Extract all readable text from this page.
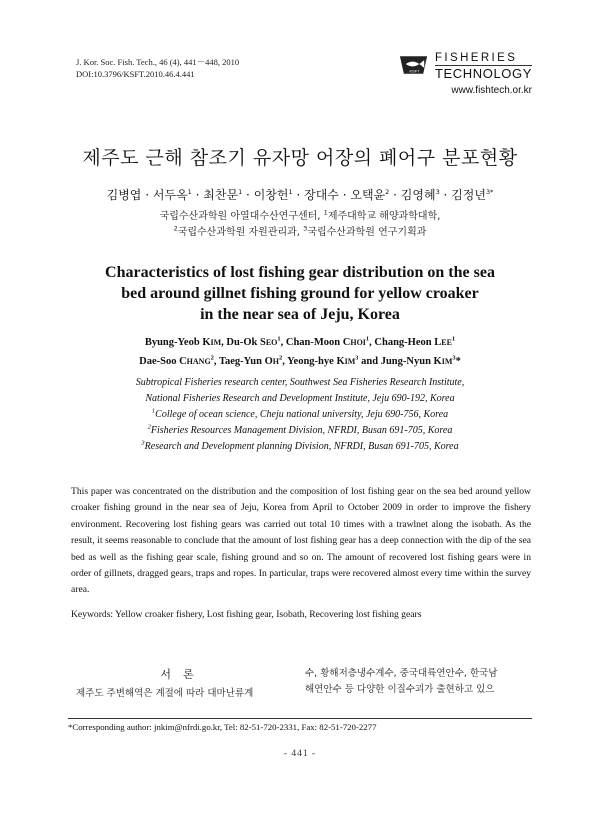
J. Kor. Soc. Fish. Tech., 46 (4), 441－448, 2010
DOI:10.3796/KSFT.2010.46.4.441	KSFT
FISHERIES
TECHNOLOGY
www.fishtech.or.kr
제주도 근해 참조기 유자망 어장의 폐어구 분포현황
김병엽 · 서두옥$^1$ · 최찬문$^1$ · 이창헌$^1$ · 장대수 · 오택윤$^2$ · 김영혜$^3$ · 김정년$^{3*}$
국립수산과학원 아열대수산연구센터, $^1$제주대학교 해양과학대학,
$^2$국립수산과학원 자원관리과, $^3$국립수산과학원 연구기획과
Characteristics of lost fishing gear distribution on the sea
bed around gillnet fishing ground for yellow croaker
in the near sea of Jeju, Korea
Byung-Yeob KIM, Du-Ok SEO$^1$, Chan-Moon CHOI$^1$, Chang-Heon LEE$^1$
Dae-Soo CHANG$^2$, Taeg-Yun $OH^2$, Yeong-hye KIM$^3$ and Jung-Nyun KIM$^3$*
Subtropical Fisheries research center, Southwest Sea Fisheries Research Institute,
National Fisheries Research and Development Institute, Jeju 690-192, Korea
$^1$College of ocean science, Cheju national university, Jeju 690-756, Korea
$^2$Fisheries Resources Management Division, NFRDI, Busan 691-705, Korea
$^3$Research and Development planning Division, NFRDI, Busan 691-705, Korea
This paper was concentrated on the distribution and the composition of lost fishing gear on the sea bed around yellow croaker fishing ground in the near sea of Jeju, Korea from April to October 2009 in order to improve the fishery environment. Recovering lost fishing gears was carried out total 10 times with a trawlnet along the isobath. As the result, it seems reasonable to conclude that the amount of lost fishing gear has a deep connection with the dip of the sea bed as well as the fishing gear scale, fishing ground and so on. The amount of recovered lost fishing gears were in order of gillnets, dragged gears, traps and ropes. In particular, traps were recovered almost every time within the survey area.
Keywords: Yellow croaker fishery, Lost fishing gear, Isobath, Recovering lost fishing gears
서론
제주도 주변해역은 계절에 따라 대마난류계
수, 황해저층냉수계수, 중국대륙연안수, 한국남
해연안수 등 다양한 이질수괴가 출현하고 있으
*Corresponding author: jnkim@nfrdi.go.kr, Tel: 82-51-720-2331, Fax: 82-51-720-2277
- 441 -
